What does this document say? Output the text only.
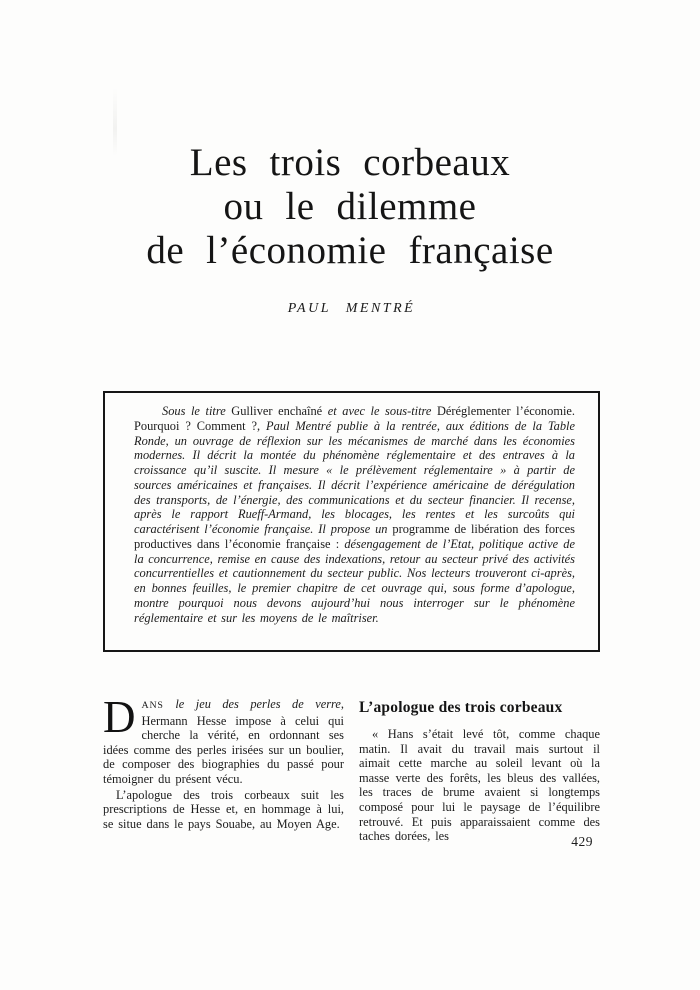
Les trois corbeaux
ou le dilemme
de l’économie française
PAUL MENTRÉ

Sous le titre Gulliver enchaîné et avec le sous-titre Déréglementer l’économie. Pourquoi ? Comment ?, Paul Mentré publie à la rentrée, aux éditions de la Table Ronde, un ouvrage de réflexion sur les mécanismes de marché dans les économies modernes. Il décrit la montée du phénomène réglementaire et des entraves à la croissance qu’il suscite. Il mesure « le prélèvement réglementaire » à partir de sources américaines et françaises. Il décrit l’expérience américaine de dérégulation des transports, de l’énergie, des communications et du secteur financier. Il recense, après le rapport Rueff-Armand, les blocages, les rentes et les surcoûts qui caractérisent l’économie française. Il propose un programme de libération des forces productives dans l’économie française : désengagement de l’Etat, politique active de la concurrence, remise en cause des indexations, retour au secteur privé des activités concurrentielles et cautionnement du secteur public. Nos lecteurs trouveront ci-après, en bonnes feuilles, le premier chapitre de cet ouvrage qui, sous forme d’apologue, montre pourquoi nous devons aujourd’hui nous interroger sur le phénomène réglementaire et sur les moyens de le maîtriser.

DANS le jeu des perles de verre, Hermann Hesse impose à celui qui cherche la vérité, en ordonnant ses idées comme des perles irisées sur un boulier, de composer des biographies du passé pour témoigner du présent vécu.

L’apologue des trois corbeaux suit les prescriptions de Hesse et, en hommage à lui, se situe dans le pays Souabe, au Moyen Age.

L’apologue des trois corbeaux

« Hans s’était levé tôt, comme chaque matin. Il avait du travail mais surtout il aimait cette marche au soleil levant où la masse verte des forêts, les bleus des vallées, les traces de brume avaient si longtemps composé pour lui le paysage de l’équilibre retrouvé. Et puis apparaissaient comme des taches dorées, les	429
